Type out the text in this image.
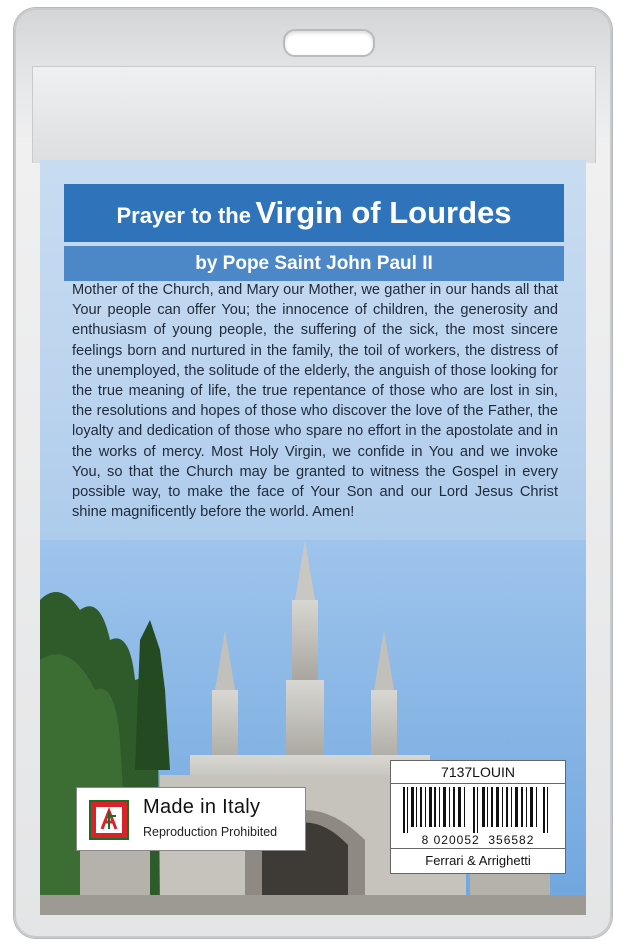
Prayer to the Virgin of Lourdes
by Pope Saint John Paul II
Mother of the Church, and Mary our Mother, we gather in our hands all that Your people can offer You; the innocence of children, the generosity and enthusiasm of young people, the suffering of the sick, the most sincere feelings born and nurtured in the family, the toil of workers, the distress of the unemployed, the solitude of the elderly, the anguish of those looking for the true meaning of life, the true repentance of those who are lost in sin, the resolutions and hopes of those who discover the love of the Father, the loyalty and dedication of those who spare no effort in the apostolate and in the works of mercy. Most Holy Virgin, we confide in You and we invoke You, so that the Church may be granted to witness the Gospel in every possible way, to make the face of Your Son and our Lord Jesus Christ shine magnificently before the world. Amen!
Made in Italy
Reproduction Prohibited
7137LOUIN
8 020052 356582
Ferrari & Arrighetti
